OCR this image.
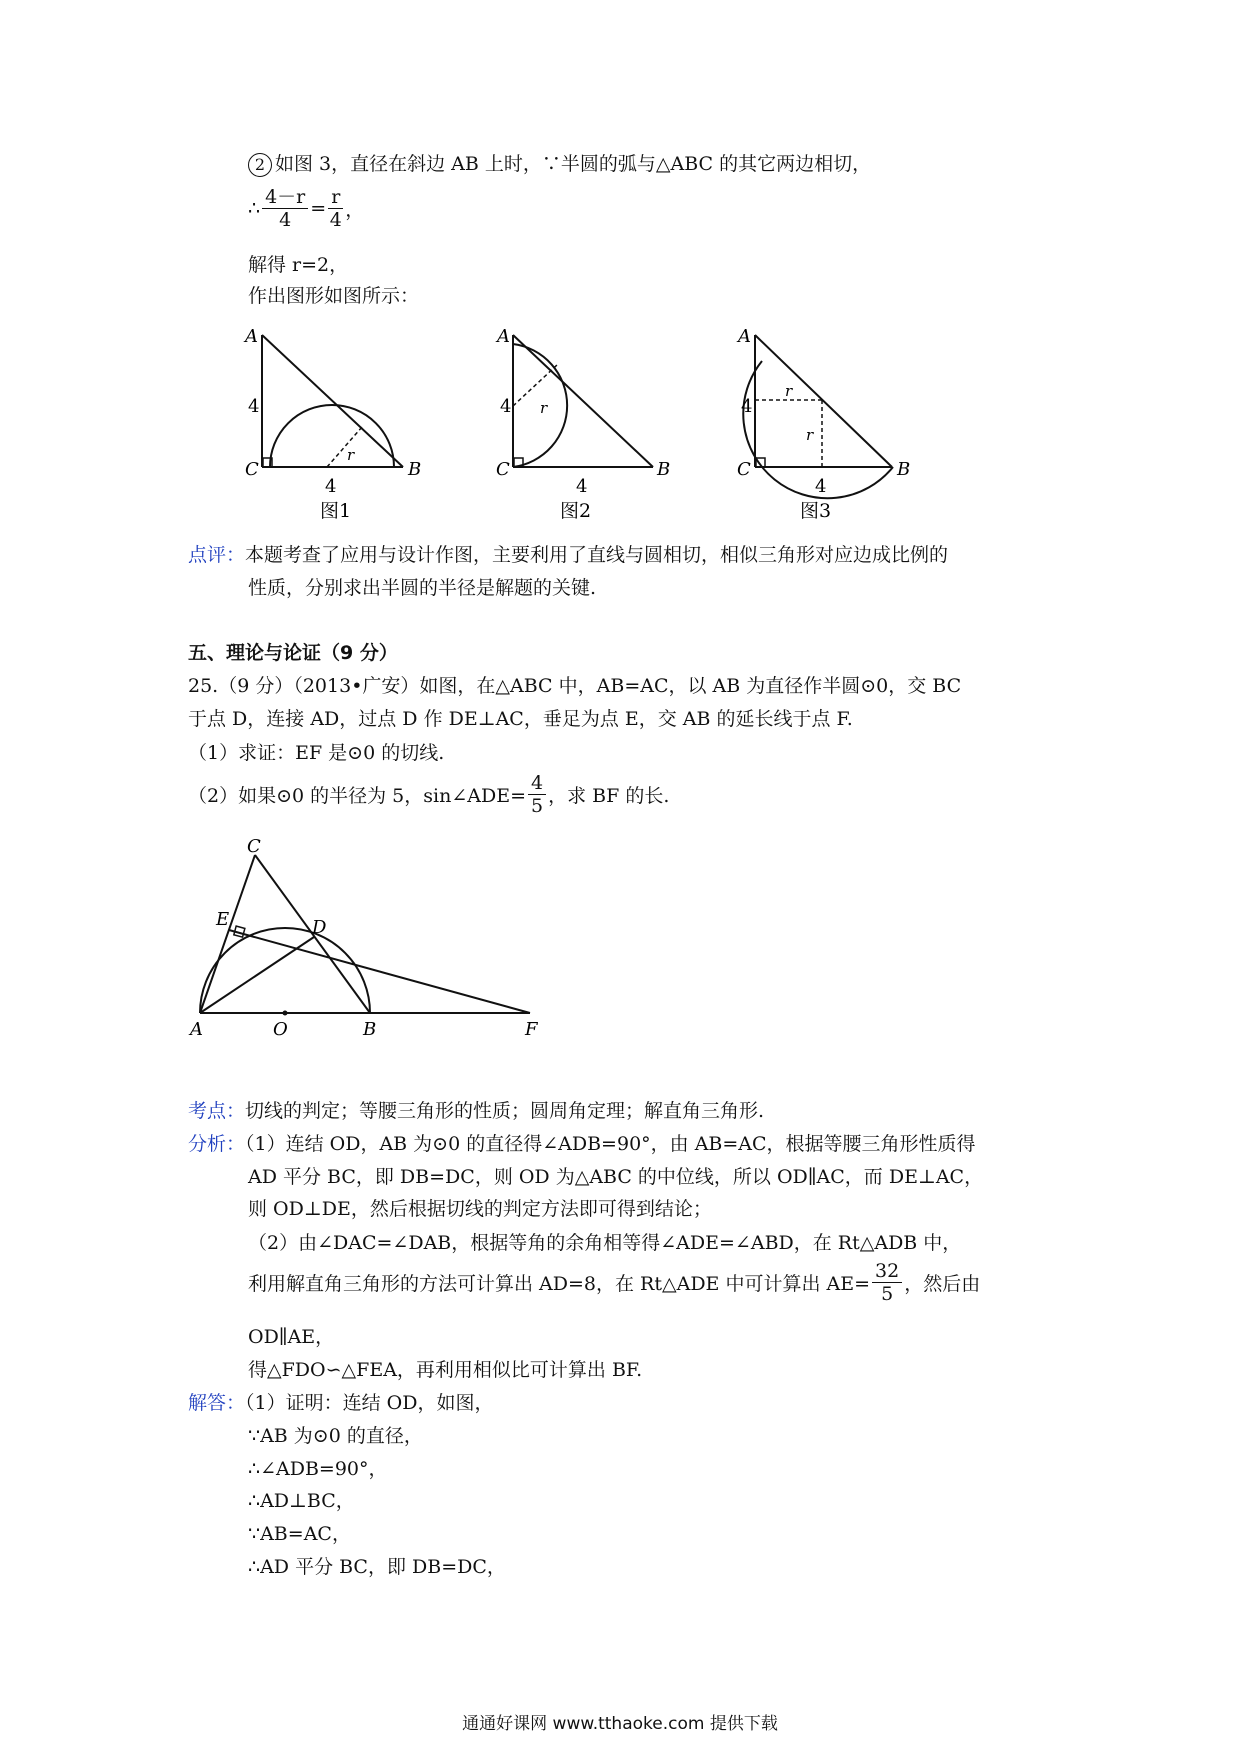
2 如图 3，直径在斜边 AB 上时，∵半圆的弧与△ABC 的其它两边相切，
∴ $\frac{4-r}{4} = \frac{r}{4}$ ，
解得 r=2，
作出图形如图所示：
A
C	B
4
4
r
A
C	B
4
4
r
A
C	B
4
4
r
r
图1	图2	图3
点评：本题考查了应用与设计作图，主要利用了直线与圆相切，相似三角形对应边成比例的
性质，分别求出半圆的半径是解题的关键.
五、理论与论证（9 分）
25.（9 分）（2013•广安）如图，在△ABC 中，AB=AC，以 AB 为直径作半圆⊙0，交 BC
于点 D，连接 AD，过点 D 作 DE⊥AC，垂足为点 E，交 AB 的延长线于点 F.
（1）求证：EF 是⊙0 的切线.
（2）如果⊙0 的半径为 5，sin∠ADE= $\frac{4}{5}$ ，求 BF 的长.
A	O	B	F
C
E	D
考点：切线的判定；等腰三角形的性质；圆周角定理；解直角三角形.
分析：（1）连结 OD，AB 为⊙0 的直径得∠ADB=90°，由 AB=AC，根据等腰三角形性质得
AD 平分 BC，即 DB=DC，则 OD 为△ABC 的中位线，所以 OD∥AC，而 DE⊥AC，
则 OD⊥DE，然后根据切线的判定方法即可得到结论；
（2）由∠DAC=∠DAB，根据等角的余角相等得∠ADE=∠ABD，在 Rt△ADB 中，
利用解直角三角形的方法可计算出 AD=8，在 Rt△ADE 中可计算出 $AE= \frac{32}{5}$ ，然后由
OD∥AE，
得△FDO∽△FEA，再利用相似比可计算出 BF.
解答：（1）证明：连结 OD，如图，
∵AB 为⊙0 的直径，
∴∠ADB=90°，
∴AD⊥BC，
∵AB=AC，
∴AD 平分 BC，即 DB=DC，
通通好课网 www.tthaoke.com 提供下载
